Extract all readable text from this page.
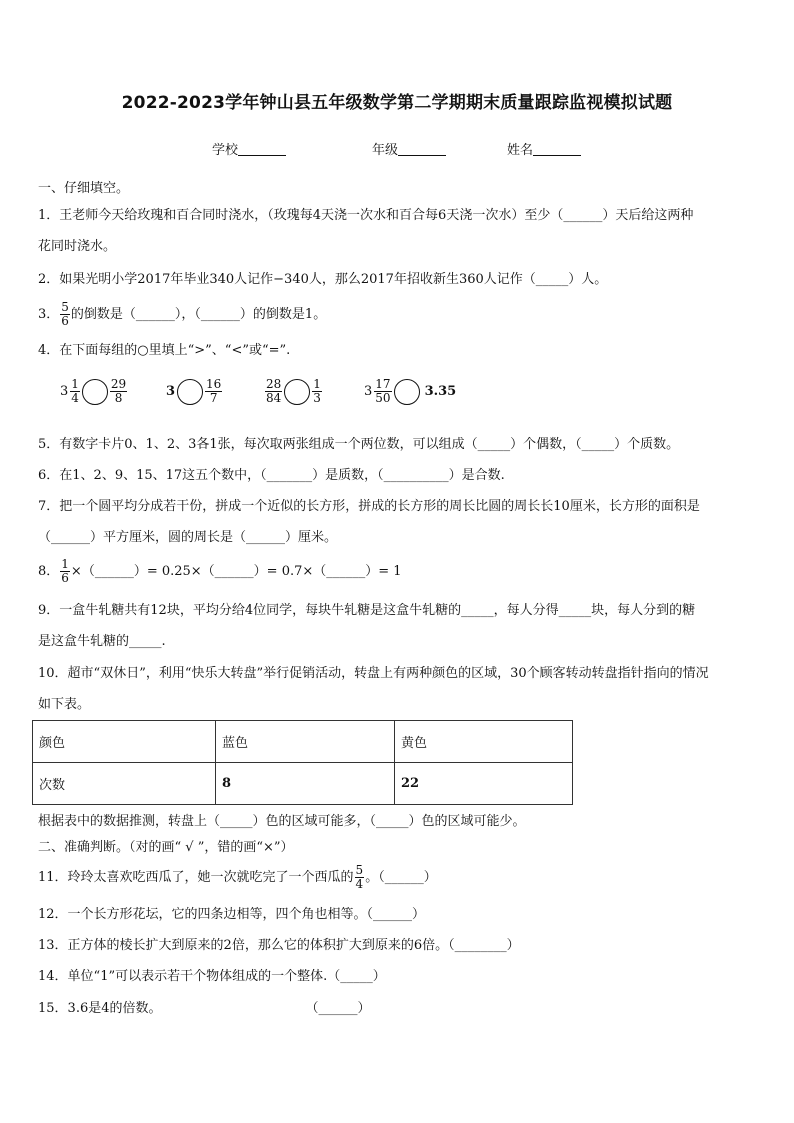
2022-2023学年钟山县五年级数学第二学期期末质量跟踪监视模拟试题
学校	年级	姓名
一、仔细填空。
1．王老师今天给玫瑰和百合同时浇水，（玫瑰每4天浇一次水和百合每6天浇一次水）至少（______）天后给这两种
花同时浇水。
2．如果光明小学2017年毕业340人记作−340人，那么2017年招收新生360人记作（_____）人。
3． $\frac{5}{6}$ 的倒数是（______），（______）的倒数是1。
4．在下面每组的○里填上“>”、“<”或“=”.
$3 \frac{1}{4}$	$\frac{29}{8}$	3	$\frac{16}{7}$	$\frac{28}{84}$	$\frac{1}{3}$	$3 \frac{17}{50}$	3.35
5．有数字卡片0、1、2、3各1张，每次取两张组成一个两位数，可以组成（_____）个偶数，（_____）个质数。
6．在1、2、9、15、17这五个数中，（_______）是质数，（__________）是合数.
7．把一个圆平均分成若干份，拼成一个近似的长方形，拼成的长方形的周长比圆的周长长10厘米，长方形的面积是
（______）平方厘米，圆的周长是（______）厘米。
8． $\frac{1}{6}$ ×（______）= 0.25×（______）= 0.7×（______）= 1
9．一盒牛轧糖共有12块，平均分给4位同学，每块牛轧糖是这盒牛轧糖的_____，每人分得_____块，每人分到的糖
是这盒牛轧糖的_____.
10．超市“双休日”，利用“快乐大转盘”举行促销活动，转盘上有两种颜色的区域，30个顾客转动转盘指针指向的情况
如下表。
颜色	蓝色	黄色
次数	8	22
根据表中的数据推测，转盘上（_____）色的区域可能多，（_____）色的区域可能少。
二、准确判断。（对的画“ √ ”，错的画“×”）
11．玲玲太喜欢吃西瓜了，她一次就吃完了一个西瓜的 $\frac{5}{4}$ 。（______）
12．一个长方形花坛，它的四条边相等，四个角也相等。（______）
13．正方体的棱长扩大到原来的2倍，那么它的体积扩大到原来的6倍。（________）
14．单位“1”可以表示若干个物体组成的一个整体.（_____）
15．3.6是4的倍数。	（______）
